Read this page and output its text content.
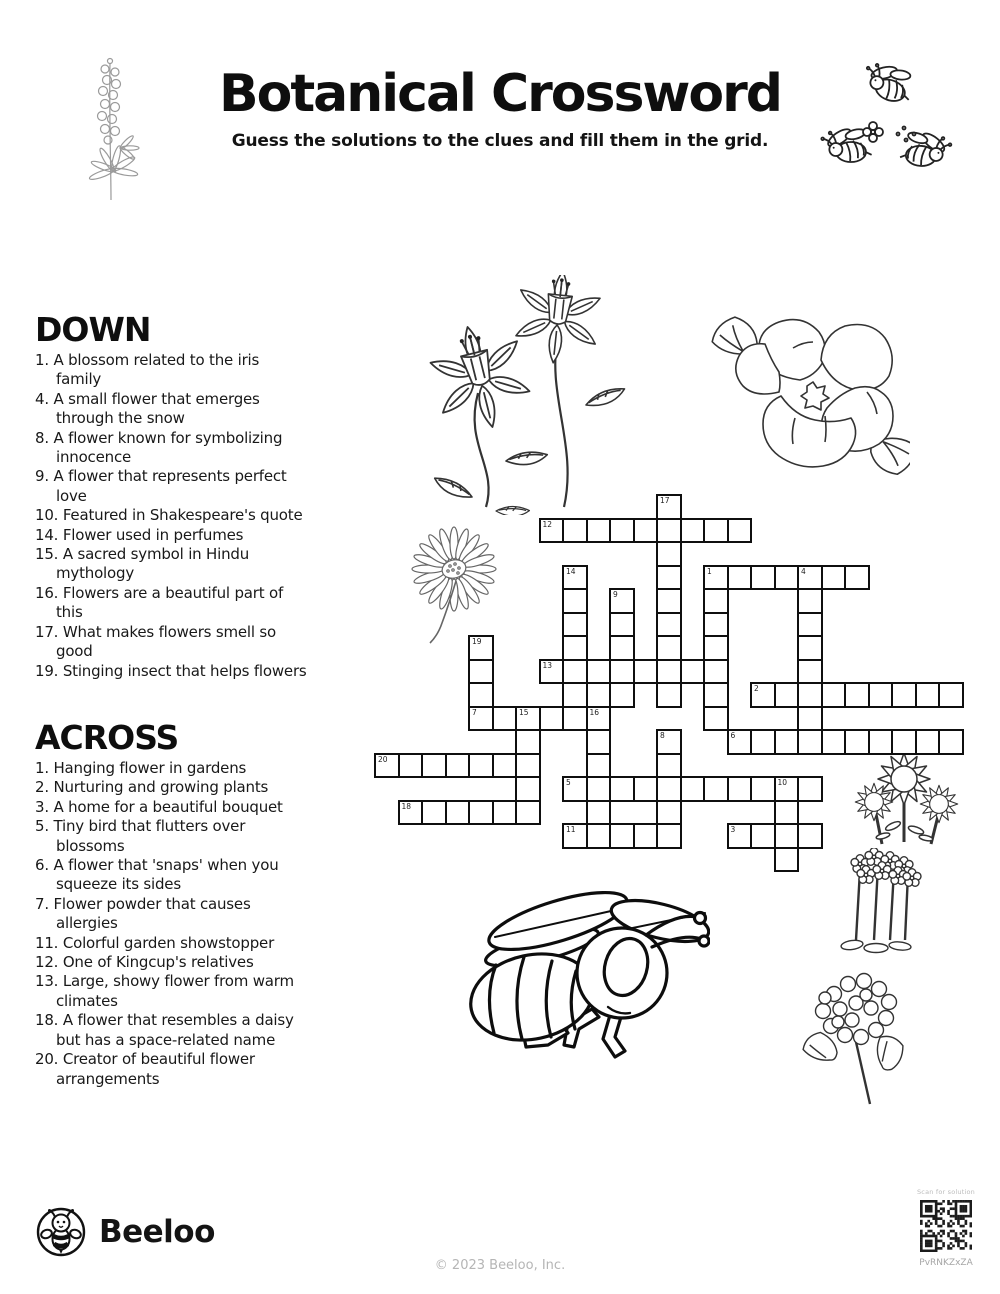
Botanical Crossword
Guess the solutions to the clues and fill them in the grid.
DOWN
1. A blossom related to the iris family
4. A small flower that emerges through the snow
8. A flower known for symbolizing innocence
9. A flower that represents perfect love
10. Featured in Shakespeare's quote
14. Flower used in perfumes
15. A sacred symbol in Hindu mythology
16. Flowers are a beautiful part of this
17. What makes flowers smell so good
19. Stinging insect that helps flowers
ACROSS
1. Hanging flower in gardens
2. Nurturing and growing plants
3. A home for a beautiful bouquet
5. Tiny bird that flutters over blossoms
6. A flower that 'snaps' when you squeeze its sides
7. Flower powder that causes allergies
11. Colorful garden showstopper
12. One of Kingcup's relatives
13. Large, showy flower from warm climates
18. A flower that resembles a daisy but has a space-related name
20. Creator of beautiful flower arrangements
12
1	4
13
2
7	15	16
6
20
5	10
18
11	3
17
14
9
19
8
Beeloo
© 2023 Beeloo, Inc.
Scan for solution
PvRNKZxZA
